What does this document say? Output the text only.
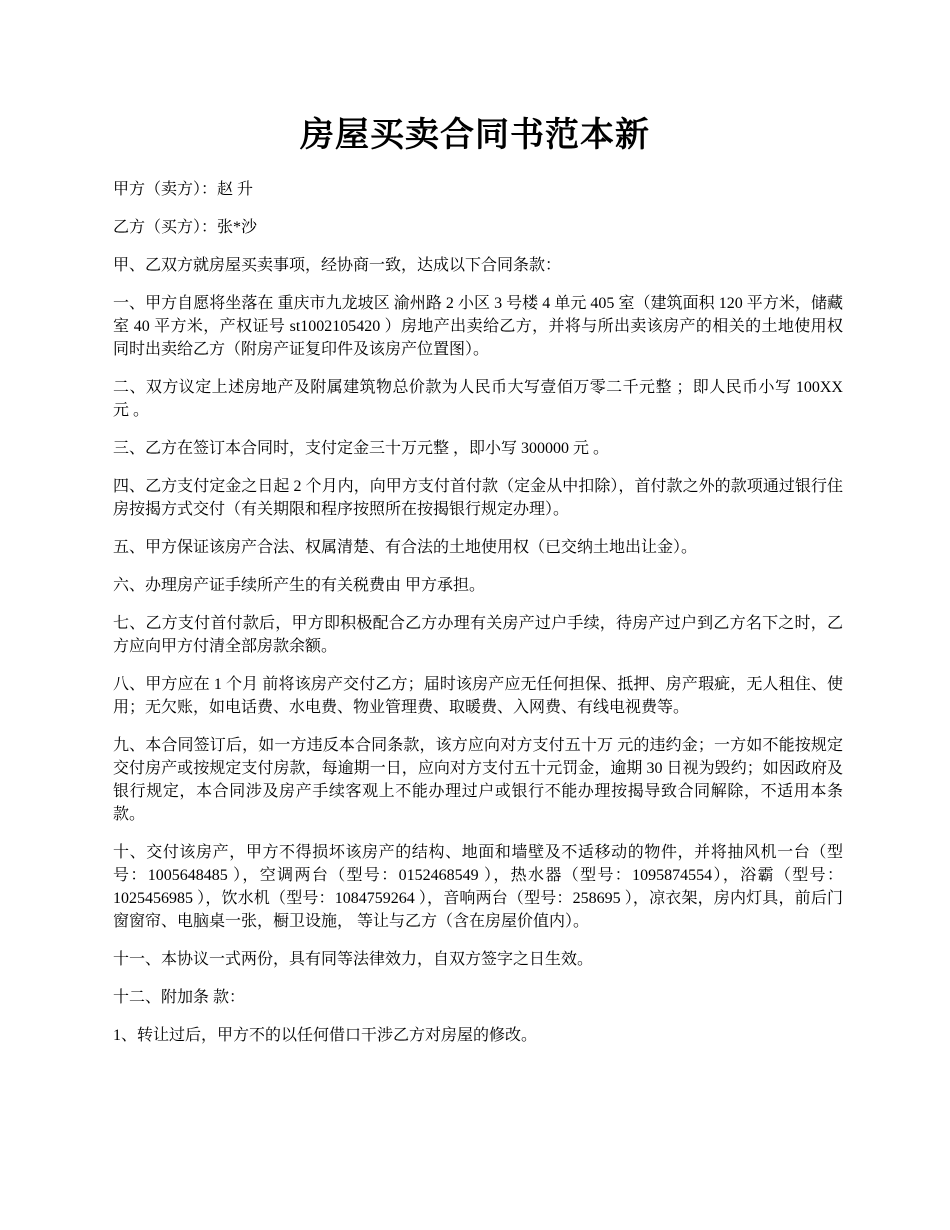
房屋买卖合同书范本新

甲方（卖方）：赵 升

乙方（买方）：张*沙

甲、乙双方就房屋买卖事项，经协商一致，达成以下合同条款：

一、甲方自愿将坐落在 重庆市九龙坡区 渝州路 2 小区 3 号楼 4 单元 405 室（建筑面积 120 平方米，储藏室 40 平方米，产权证号 st1002105420 ）房地产出卖给乙方，并将与所出卖该房产的相关的土地使用权同时出卖给乙方（附房产证复印件及该房产位置图）。

二、双方议定上述房地产及附属建筑物总价款为人民币大写壹佰万零二千元整 ；即人民币小写 100XX 元 。

三、乙方在签订本合同时，支付定金三十万元整 ，即小写 300000 元 。

四、乙方支付定金之日起 2 个月内，向甲方支付首付款（定金从中扣除），首付款之外的款项通过银行住房按揭方式交付（有关期限和程序按照所在按揭银行规定办理）。

五、甲方保证该房产合法、权属清楚、有合法的土地使用权（已交纳土地出让金）。

六、办理房产证手续所产生的有关税费由 甲方承担。

七、乙方支付首付款后，甲方即积极配合乙方办理有关房产过户手续，待房产过户到乙方名下之时，乙方应向甲方付清全部房款余额。

八、甲方应在 1 个月 前将该房产交付乙方；届时该房产应无任何担保、抵押、房产瑕疵，无人租住、使用；无欠账，如电话费、水电费、物业管理费、取暖费、入网费、有线电视费等。

九、本合同签订后，如一方违反本合同条款，该方应向对方支付五十万 元的违约金；一方如不能按规定交付房产或按规定支付房款，每逾期一日，应向对方支付五十元罚金，逾期 30 日视为毁约；如因政府及银行规定，本合同涉及房产手续客观上不能办理过户或银行不能办理按揭导致合同解除，不适用本条款。

十、交付该房产，甲方不得损坏该房产的结构、地面和墙壁及不适移动的物件，并将抽风机一台（型号：1005648485 ），空调两台（型号：0152468549 ），热水器（型号：1095874554），浴霸（型号：1025456985 ），饮水机（型号：1084759264 ），音响两台（型号：258695 ），凉衣架，房内灯具，前后门窗窗帘、电脑桌一张，橱卫设施， 等让与乙方（含在房屋价值内）。

十一、本协议一式两份，具有同等法律效力，自双方签字之日生效。

十二、附加条 款：

1、转让过后，甲方不的以任何借口干涉乙方对房屋的修改。
